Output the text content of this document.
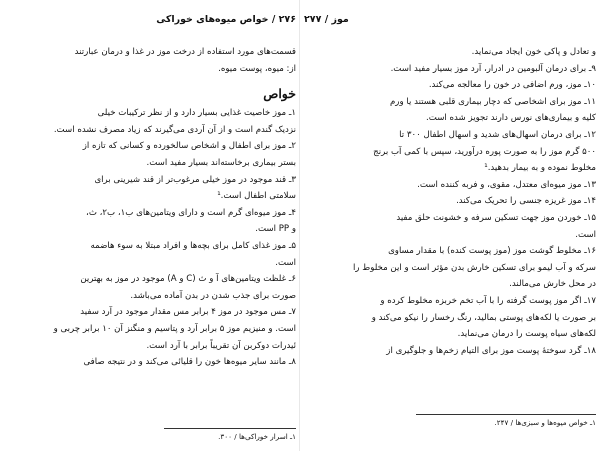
۲۷۶ / خواص میوه‌های خوراکی
قسمت‌های مورد استفاده از درخت موز در غذا و درمان عبارتند
از: میوه، پوست میوه.
خواص
۱ـ موز خاصیت غذایی بسیار دارد و از نظر ترکیبات خیلی
نزدیک گندم است و از آن آردی می‌گیرند که زیاد مصرف نشده است.
۲ـ موز برای اطفال و اشخاص سالخورده و کسانی که تازه از
بستر بیماری برخاسته‌اند بسیار مفید است.
۳ـ قند موجود در موز خیلی مرغوب‌تر از قند شیرینی برای
سلامتی اطفال است.¹
۴ـ موز میوه‌ای گرم است و دارای ویتامین‌های ب۱، ب۲، ث،
و PP است.
۵ـ موز غذای کامل برای بچه‌ها و افراد مبتلا به سوء هاضمه
است.
۶ـ غلظت ویتامین‌های آ و ث (C و A) موجود در موز به بهترین
صورت برای جذب شدن در بدن آماده می‌باشد.
۷ـ مس موجود در موز ۴ برابر مس مقدار موجود در آرد سفید
است. و منیزیم موز ۵ برابر آرد و پتاسیم و منگنز آن ۱۰ برابر چربی و
ئیدرات دوکربن آن تقریباً برابر با آرد است.
۸ـ مانند سایر میوه‌ها خون را قلیائی می‌کند و در نتیجه صافی
۱ـ اسرار خوراکی‌ها / ۳۰۰.
موز / ۲۷۷
و تعادل و پاکی خون ایجاد می‌نماید.
۹ـ برای درمان آلبومین در ادرار، آرد موز بسیار مفید است.
۱۰ـ موز، ورم اضافی در خون را معالجه می‌کند.
۱۱ـ موز برای اشخاصی که دچار بیماری قلبی هستند یا ورم
کلیه و بیماری‌های نورس دارند تجویز شده است.
۱۲ـ برای درمان اسهال‌های شدید و اسهال اطفال ۳۰۰ تا
۵۰۰ گرم موز را به صورت پوره درآورید، سپس با کمی آب برنج
مخلوط نموده و به بیمار بدهید.¹
۱۳ـ موز میوه‌ای معتدل، مقوی، و فربه کننده است.
۱۴ـ موز غریزه جنسی را تحریک می‌کند.
۱۵ـ خوردن موز جهت تسکین سرفه و خشونت حلق مفید
است.
۱۶ـ مخلوط گوشت موز (موز پوست کنده) با مقدار مساوی
سرکه و آب لیمو برای تسکین خارش بدن مؤثر است و این مخلوط را
در محل خارش می‌مالند.
۱۷ـ اگر موز پوست گرفته را با آب تخم خربزه مخلوط کرده و
بر صورت یا لکه‌های پوستی بمالید، رنگ رخسار را نیکو می‌کند و
لکه‌های سیاه پوست را درمان می‌نماید.
۱۸ـ گرد سوختهٔ پوست موز برای التیام زخم‌ها و جلوگیری از
۱ـ خواص میوه‌ها و سبزی‌ها / ۲۴۷.
